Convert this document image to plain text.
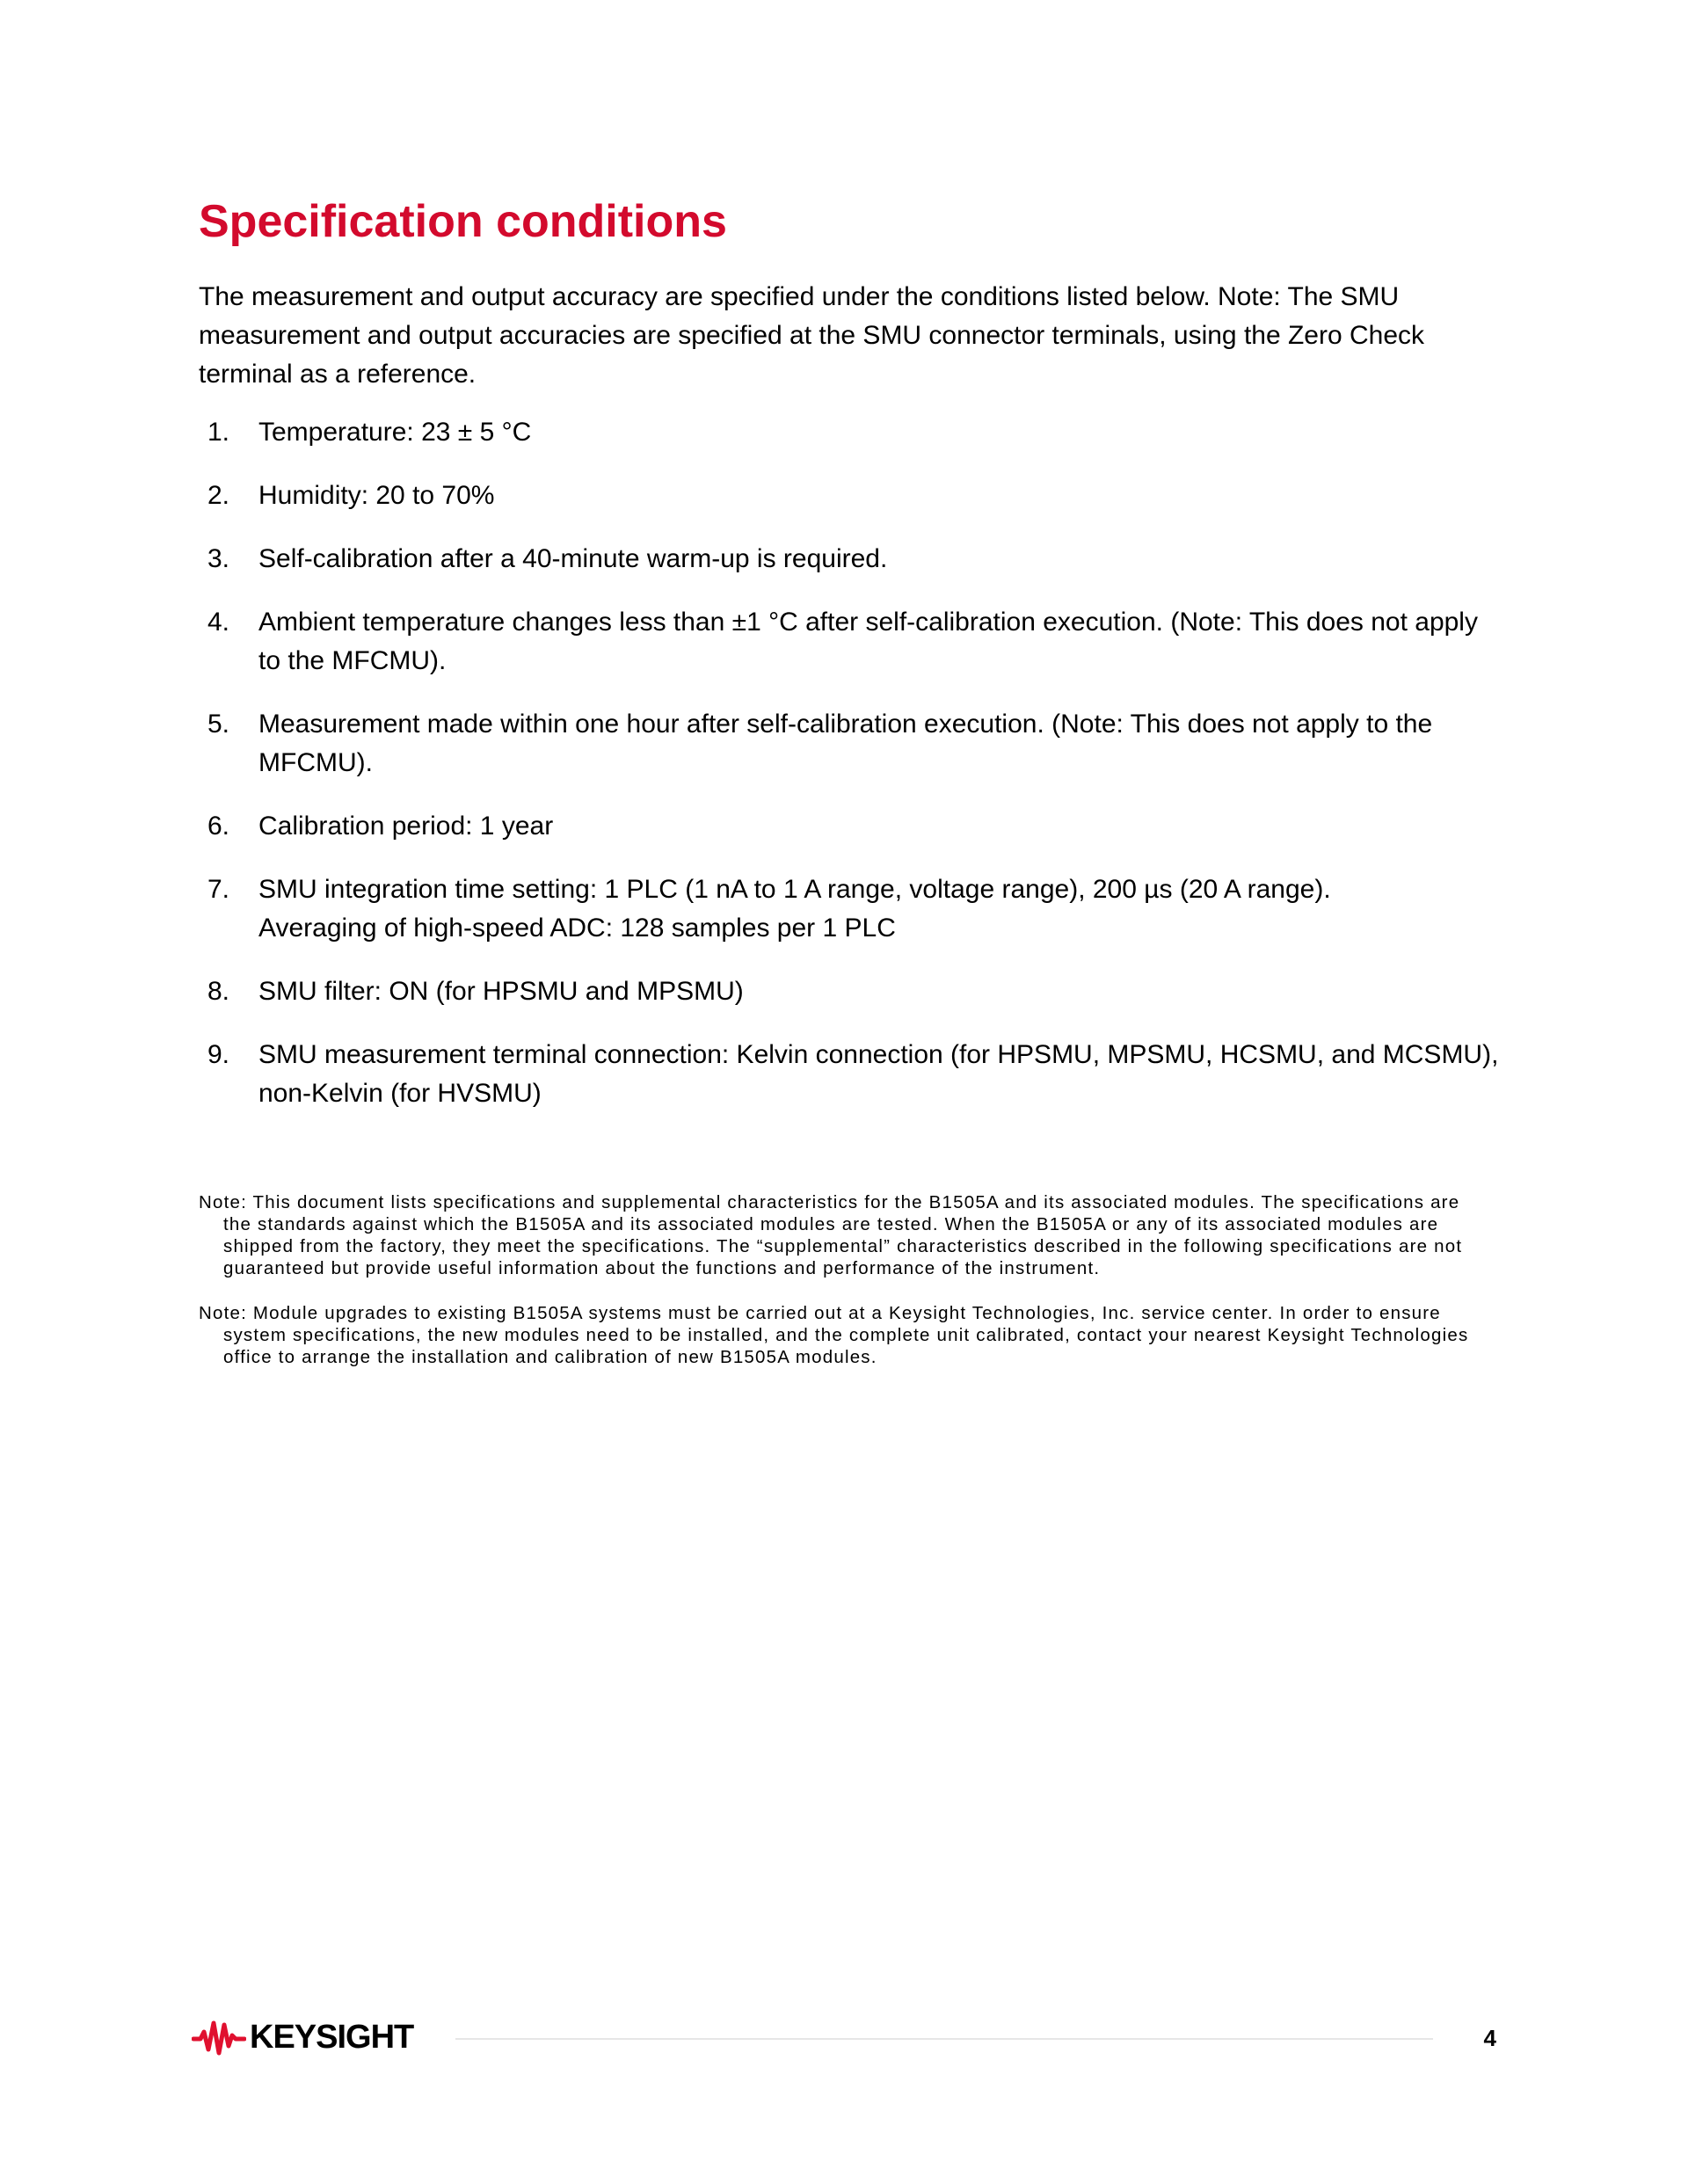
Specification conditions

The measurement and output accuracy are specified under the conditions listed below. Note: The SMU measurement and output accuracies are specified at the SMU connector terminals, using the Zero Check terminal as a reference.

1.	Temperature: 23 ± 5 °C
2.	Humidity: 20 to 70%
3.	Self-calibration after a 40-minute warm-up is required.
4.	Ambient temperature changes less than ±1 °C after self-calibration execution. (Note: This does not apply to the MFCMU).
5.	Measurement made within one hour after self-calibration execution. (Note: This does not apply to the MFCMU).
6.	Calibration period: 1 year
7.	SMU integration time setting: 1 PLC (1 nA to 1 A range, voltage range), 200 µs (20 A range).
Averaging of high-speed ADC: 128 samples per 1 PLC
8.	SMU filter: ON (for HPSMU and MPSMU)
9.	SMU measurement terminal connection: Kelvin connection (for HPSMU, MPSMU, HCSMU, and MCSMU), non-Kelvin (for HVSMU)

Note: This document lists specifications and supplemental characteristics for the B1505A and its associated modules. The specifications are the standards against which the B1505A and its associated modules are tested. When the B1505A or any of its associated modules are shipped from the factory, they meet the specifications. The “supplemental” characteristics described in the following specifications are not guaranteed but provide useful information about the functions and performance of the instrument.

Note: Module upgrades to existing B1505A systems must be carried out at a Keysight Technologies, Inc. service center. In order to ensure system specifications, the new modules need to be installed, and the complete unit calibrated, contact your nearest Keysight Technologies office to arrange the installation and calibration of new B1505A modules.

KEYSIGHT	4
